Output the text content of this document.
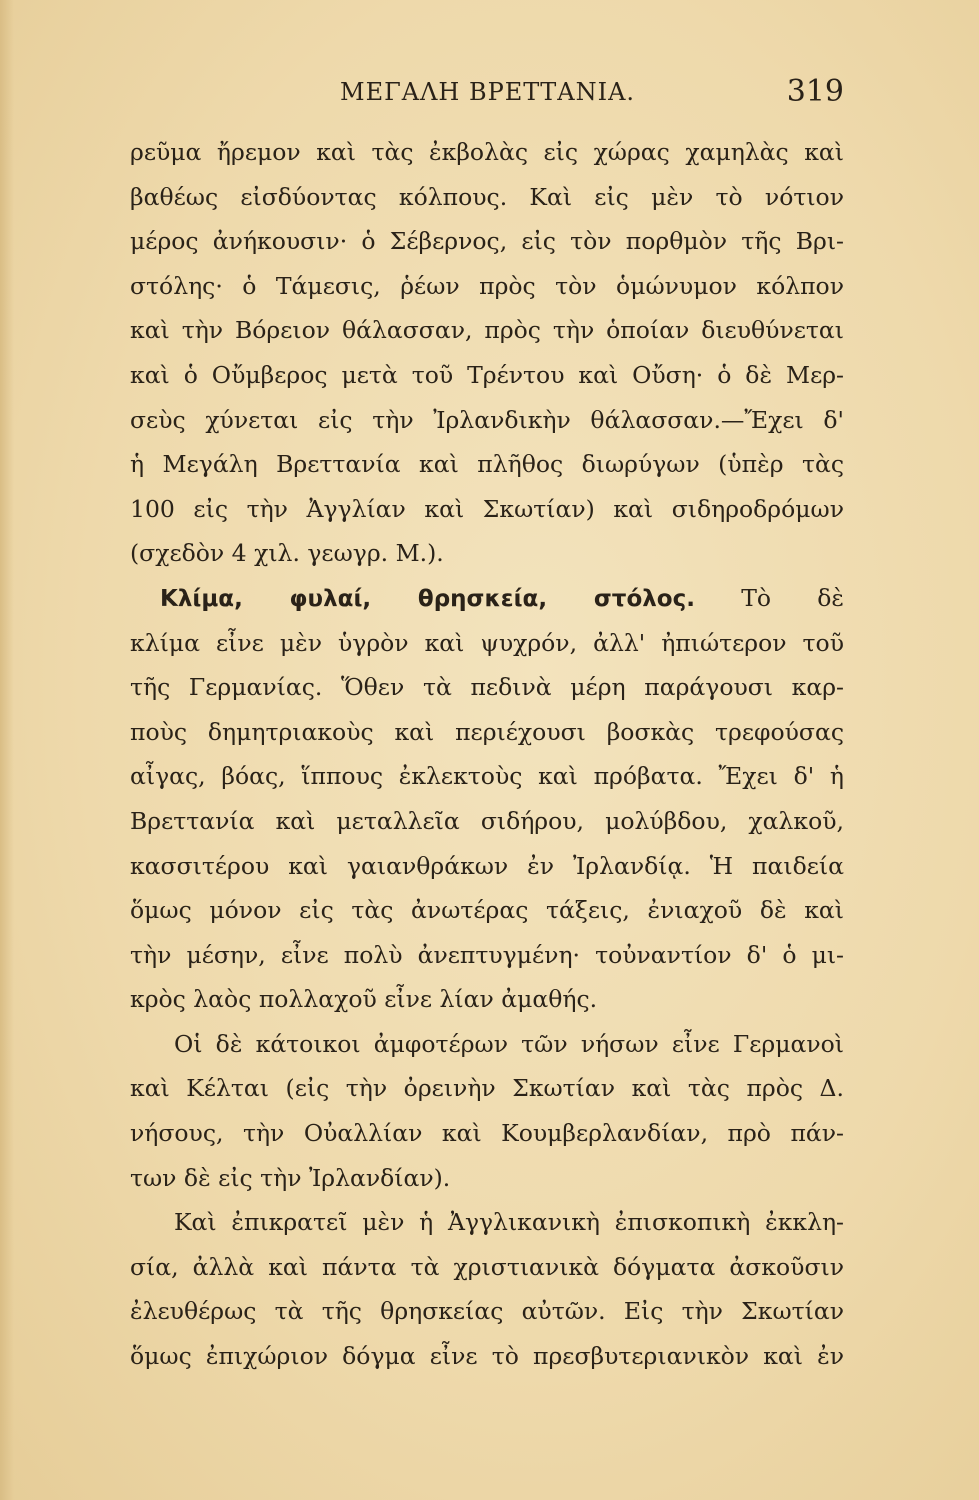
ΜΕΓΑΛΗ ΒΡΕΤΤΑΝΙΑ.	319
ρεῦμα ἤρεμον καὶ τὰς ἐκβολὰς εἰς χώρας χαμηλὰς καὶ
βαθέως εἰσδύοντας κόλπους. Καὶ εἰς μὲν τὸ νότιον
μέρος ἀνήκουσιν· ὁ Σέβερνος, εἰς τὸν πορθμὸν τῆς Βρι-
στόλης· ὁ Τάμεσις, ῥέων πρὸς τὸν ὁμώνυμον κόλπον
καὶ τὴν Βόρειον θάλασσαν, πρὸς τὴν ὁποίαν διευθύνεται
καὶ ὁ Οὔμβερος μετὰ τοῦ Τρέντου καὶ Οὔση· ὁ δὲ Μερ-
σεὺς χύνεται εἰς τὴν Ἰρλανδικὴν θάλασσαν.—Ἔχει δ'
ἡ Μεγάλη Βρεττανία καὶ πλῆθος διωρύγων (ὑπὲρ τὰς
100 εἰς τὴν Ἀγγλίαν καὶ Σκωτίαν) καὶ σιδηροδρόμων
(σχεδὸν 4 χιλ. γεωγρ. Μ.).
Κλίμα, φυλαί, θρησκεία, στόλος. Τὸ δὲ
κλίμα εἶνε μὲν ὑγρὸν καὶ ψυχρόν, ἀλλ' ἠπιώτερον τοῦ
τῆς Γερμανίας. Ὅθεν τὰ πεδινὰ μέρη παράγουσι καρ-
ποὺς δημητριακοὺς καὶ περιέχουσι βοσκὰς τρεφούσας
αἶγας, βόας, ἵππους ἐκλεκτοὺς καὶ πρόβατα. Ἔχει δ' ἡ
Βρεττανία καὶ μεταλλεῖα σιδήρου, μολύβδου, χαλκοῦ,
κασσιτέρου καὶ γαιανθράκων ἐν Ἰρλανδίᾳ. Ἡ παιδεία
ὅμως μόνον εἰς τὰς ἀνωτέρας τάξεις, ἐνιαχοῦ δὲ καὶ
τὴν μέσην, εἶνε πολὺ ἀνεπτυγμένη· τοὐναντίον δ' ὁ μι-
κρὸς λαὸς πολλαχοῦ εἶνε λίαν ἀμαθής.
Οἱ δὲ κάτοικοι ἀμφοτέρων τῶν νήσων εἶνε Γερμανοὶ
καὶ Κέλται (εἰς τὴν ὀρεινὴν Σκωτίαν καὶ τὰς πρὸς Δ.
νήσους, τὴν Οὐαλλίαν καὶ Κουμβερλανδίαν, πρὸ πάν-
των δὲ εἰς τὴν Ἰρλανδίαν).
Καὶ ἐπικρατεῖ μὲν ἡ Ἀγγλικανικὴ ἐπισκοπικὴ ἐκκλη-
σία, ἀλλὰ καὶ πάντα τὰ χριστιανικὰ δόγματα ἀσκοῦσιν
ἐλευθέρως τὰ τῆς θρησκείας αὐτῶν. Εἰς τὴν Σκωτίαν
ὅμως ἐπιχώριον δόγμα εἶνε τὸ πρεσβυτεριανικὸν καὶ ἐν
